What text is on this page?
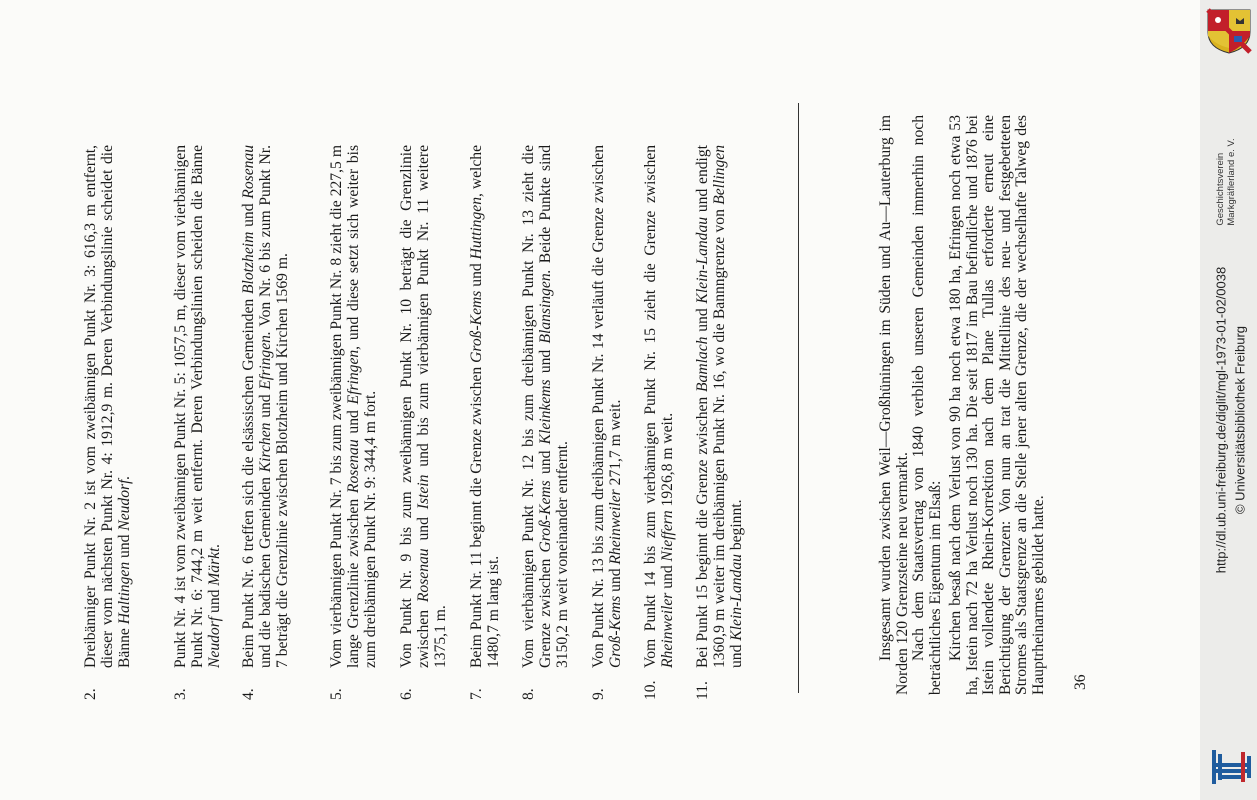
2.
Dreibänniger Punkt Nr. 2 ist vom zweibännigen Punkt Nr. 3: 616,3 m entfernt, dieser vom nächsten Punkt Nr. 4: 1912,9 m. Deren Verbindungslinie scheidet die Bänne Haltingen und Neudorf.
3.
Punkt Nr. 4 ist vom zweibännigen Punkt Nr. 5: 1057,5 m, dieser vom vierbännigen Punkt Nr. 6: 744,2 m weit entfernt. Deren Verbindungslinien scheiden die Bänne Neudorf und Märkt.
4.
Beim Punkt Nr. 6 treffen sich die elsässischen Gemeinden Blotzheim und Rosenau und die badischen Gemeinden Kirchen und Efringen. Von Nr. 6 bis zum Punkt Nr. 7 beträgt die Grenzlinie zwischen Blotzheim und Kirchen 1569 m.
5.
Vom vierbännigen Punkt Nr. 7 bis zum zweibännigen Punkt Nr. 8 zieht die 227,5 m lange Grenzlinie zwischen Rosenau und Efringen, und diese setzt sich weiter bis zum dreibännigen Punkt Nr. 9: 344,4 m fort.
6.
Von Punkt Nr. 9 bis zum zweibännigen Punkt Nr. 10 beträgt die Grenzlinie zwischen Rosenau und Istein und bis zum vierbännigen Punkt Nr. 11 weitere 1375,1 m.
7.
Beim Punkt Nr. 11 beginnt die Grenze zwischen Groß-Kems und Huttingen, welche 1480,7 m lang ist.
8.
Vom vierbännigen Punkt Nr. 12 bis zum dreibännigen Punkt Nr. 13 zieht die Grenze zwischen Groß-Kems und Kleinkems und Blansingen. Beide Punkte sind 3150,2 m weit voneinander entfernt.
9.
Von Punkt Nr. 13 bis zum dreibännigen Punkt Nr. 14 verläuft die Grenze zwischen Groß-Kems und Rheinweiler 271,7 m weit.
10.
Vom Punkt 14 bis zum vierbännigen Punkt Nr. 15 zieht die Grenze zwischen Rheinweiler und Nieffern 1926,8 m weit.
11.
Bei Punkt 15 beginnt die Grenze zwischen Bamlach und Klein-Landau und endigt 1360,9 m weiter im dreibännigen Punkt Nr. 16, wo die Bannngrenze von Bellingen und Klein-Landau beginnt.	Insgesamt wurden zwischen Weil—Großhüningen im Süden und Au—Lauterburg im Norden 120 Grenzsteine neu vermarkt. Nach dem Staatsvertrag von 1840 verblieb unseren Gemeinden immerhin noch beträchtliches Eigentum im Elsaß: Kirchen besaß nach dem Verlust von 90 ha noch etwa 180 ha, Efringen noch etwa 53 ha, Istein nach 72 ha Verlust noch 130 ha. Die seit 1817 im Bau befindliche und 1876 bei Istein vollendete Rhein-Korrektion nach dem Plane Tullas erforderte erneut eine Berichtigung der Grenzen: Von nun an trat die Mittellinie des neu- und festgebetteten Stromes als Staatsgrenze an die Stelle jener alten Grenze, die der wechselhafte Talweg des Hauptrheinarmes gebildet hatte. 36
Geschichtsverein Markgräflerland e. V.
http://dl.ub.uni-freiburg.de/diglit/mgl-1973-01-02/0038 © Universitätsbibliothek Freiburg
